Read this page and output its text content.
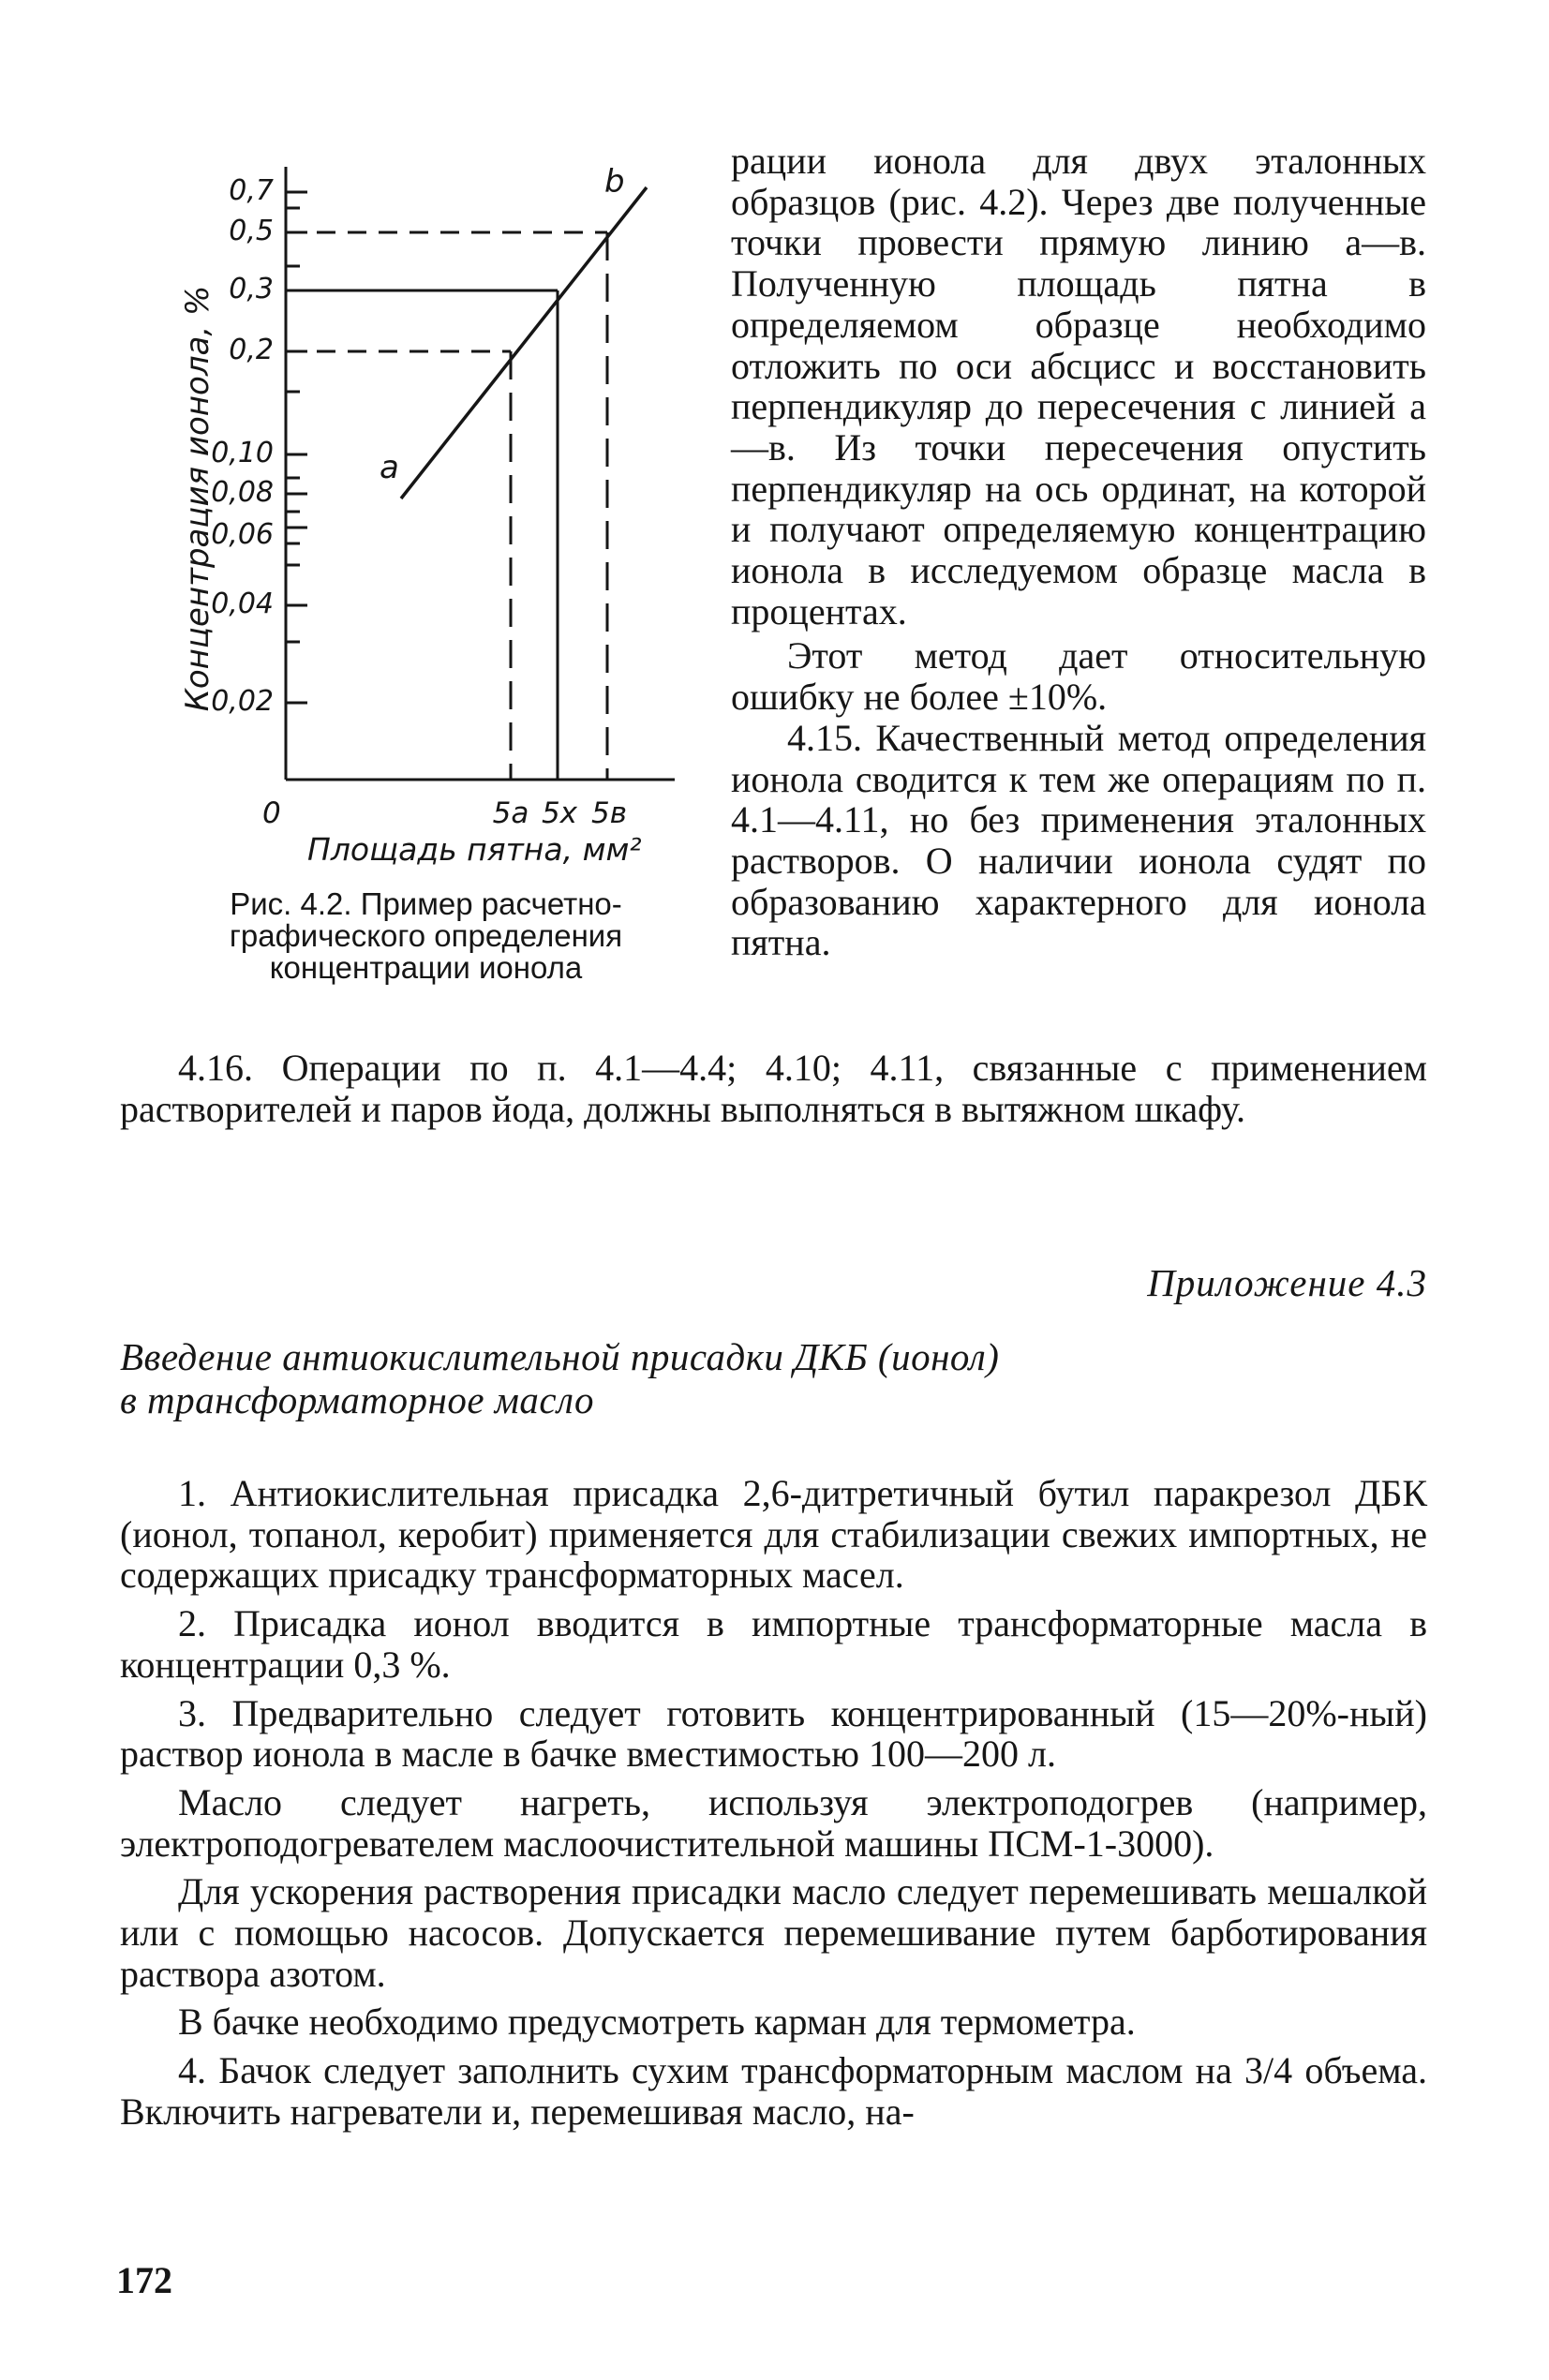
Концентрация ионола, %
0,7
0,5
0,3
0,2
0,10
0,08
0,06
0,04
0,02
0	5а 5х 5в
Площадь пятна, мм²
а
b
Рис. 4.2. Пример расчетно-графического определения концентрации ионола

рации ионола для двух эталонных образцов (рис. 4.2). Через две полученные точки провести прямую линию а—в. Полученную площадь пятна в определяемом образце необходимо отложить по оси абсцисс и восстановить перпендикуляр до пересечения с линией а—в. Из точки пересечения опустить перпендикуляр на ось ординат, на которой и получают определяемую концентрацию ионола в исследуемом образце масла в процентах.

Этот метод дает относительную ошибку не более ±10%.

4.15. Качественный метод определения ионола сводится к тем же операциям по п. 4.1—4.11, но без применения эталонных растворов. О наличии ионола судят по образованию характерного для ионола пятна.

4.16. Операции по п. 4.1—4.4; 4.10; 4.11, связанные с применением растворителей и паров йода, должны выполняться в вытяжном шкафу.

Приложение 4.3
Введение антиокислительной присадки ДКБ (ионол)
в трансформаторное масло

1. Антиокислительная присадка 2,6-дитретичный бутил паракрезол ДБК (ионол, топанол, керобит) применяется для стабилизации свежих импортных, не содержащих присадку трансформаторных масел.

2. Присадка ионол вводится в импортные трансформаторные масла в концентрации 0,3 %.

3. Предварительно следует готовить концентрированный (15—20%-ный) раствор ионола в масле в бачке вместимостью 100—200 л.

Масло следует нагреть, используя электроподогрев (например, электроподогревателем маслоочистительной машины ПСМ-1-3000).

Для ускорения растворения присадки масло следует перемешивать мешалкой или с помощью насосов. Допускается перемешивание путем барботирования раствора азотом.

В бачке необходимо предусмотреть карман для термометра.

4. Бачок следует заполнить сухим трансформаторным маслом на 3/4 объема. Включить нагреватели и, перемешивая масло, на-

172
